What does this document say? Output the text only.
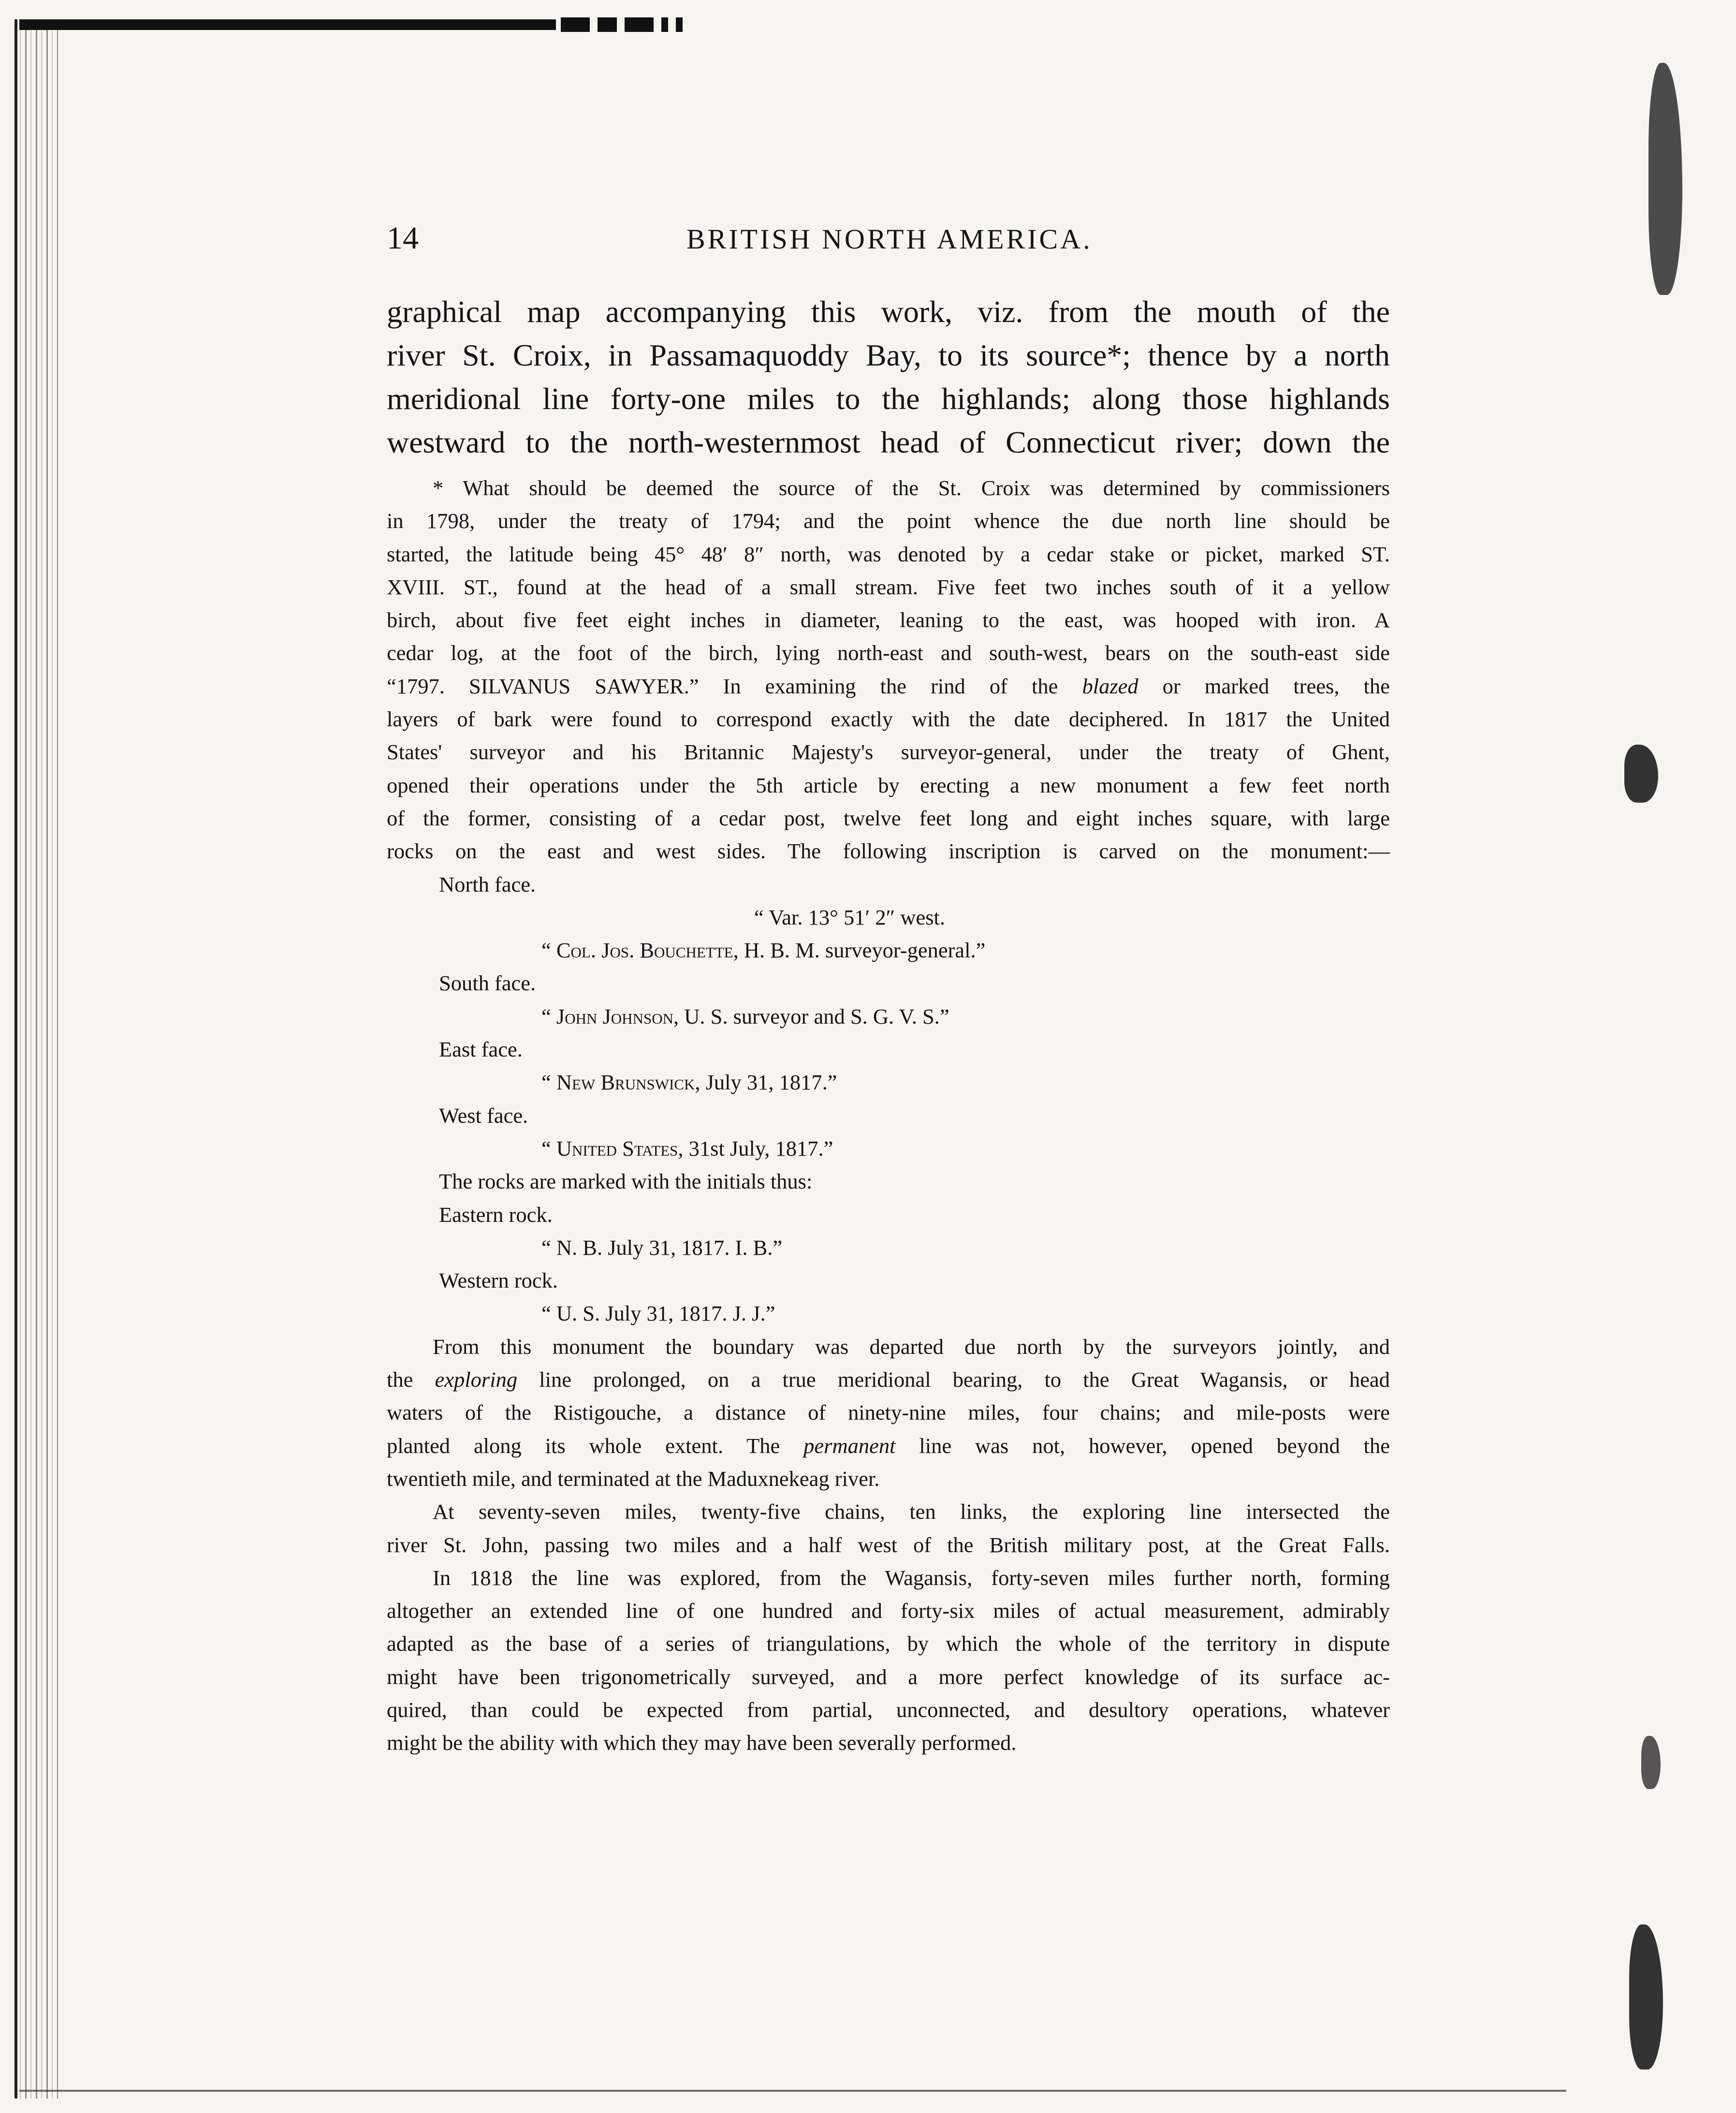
14	BRITISH NORTH AMERICA.
graphical map accompanying this work, viz. from the mouth of the
river St. Croix, in Passamaquoddy Bay, to its source*; thence by a north
meridional line forty-one miles to the highlands; along those highlands
westward to the north-westernmost head of Connecticut river; down the
* What should be deemed the source of the St. Croix was determined by commissioners
in 1798, under the treaty of 1794; and the point whence the due north line should be
started, the latitude being 45° 48′ 8″ north, was denoted by a cedar stake or picket, marked ST.
XVIII. ST., found at the head of a small stream. Five feet two inches south of it a yellow
birch, about five feet eight inches in diameter, leaning to the east, was hooped with iron. A
cedar log, at the foot of the birch, lying north-east and south-west, bears on the south-east side
“1797. SILVANUS SAWYER.” In examining the rind of the blazed or marked trees, the
layers of bark were found to correspond exactly with the date deciphered. In 1817 the United
States' surveyor and his Britannic Majesty's surveyor-general, under the treaty of Ghent,
opened their operations under the 5th article by erecting a new monument a few feet north
of the former, consisting of a cedar post, twelve feet long and eight inches square, with large
rocks on the east and west sides. The following inscription is carved on the monument:—
North face.
“ Var. 13° 51′ 2″ west.
“ Col. Jos. Bouchette, H. B. M. surveyor-general.”
South face.
“ John Johnson, U. S. surveyor and S. G. V. S.”
East face.
“ New Brunswick, July 31, 1817.”
West face.
“ United States, 31st July, 1817.”
The rocks are marked with the initials thus:
Eastern rock.
“ N. B. July 31, 1817. I. B.”
Western rock.
“ U. S. July 31, 1817. J. J.”
From this monument the boundary was departed due north by the surveyors jointly, and
the exploring line prolonged, on a true meridional bearing, to the Great Wagansis, or head
waters of the Ristigouche, a distance of ninety-nine miles, four chains; and mile-posts were
planted along its whole extent. The permanent line was not, however, opened beyond the
twentieth mile, and terminated at the Maduxnekeag river.
At seventy-seven miles, twenty-five chains, ten links, the exploring line intersected the
river St. John, passing two miles and a half west of the British military post, at the Great Falls.
In 1818 the line was explored, from the Wagansis, forty-seven miles further north, forming
altogether an extended line of one hundred and forty-six miles of actual measurement, admirably
adapted as the base of a series of triangulations, by which the whole of the territory in dispute
might have been trigonometrically surveyed, and a more perfect knowledge of its surface ac-
quired, than could be expected from partial, unconnected, and desultory operations, whatever
might be the ability with which they may have been severally performed.
